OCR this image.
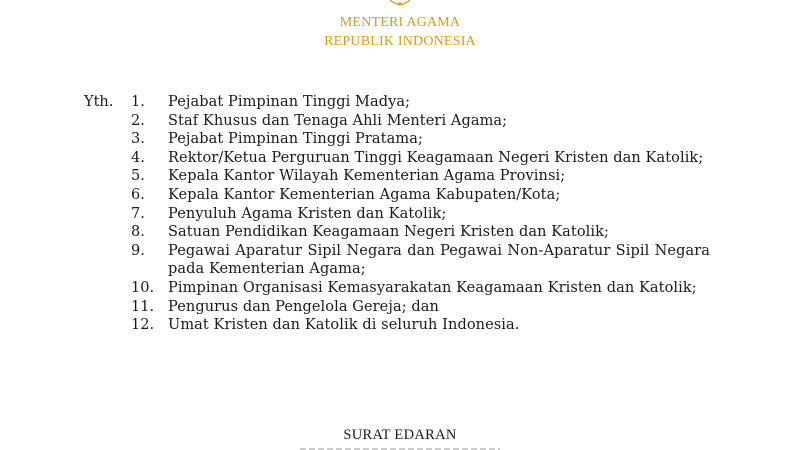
MENTERI AGAMA
REPUBLIK INDONESIA
Yth. 1. Pejabat Pimpinan Tinggi Madya;
2. Staf Khusus dan Tenaga Ahli Menteri Agama;
3. Pejabat Pimpinan Tinggi Pratama;
4. Rektor/Ketua Perguruan Tinggi Keagamaan Negeri Kristen dan Katolik;
5. Kepala Kantor Wilayah Kementerian Agama Provinsi;
6. Kepala Kantor Kementerian Agama Kabupaten/Kota;
7. Penyuluh Agama Kristen dan Katolik;
8. Satuan Pendidikan Keagamaan Negeri Kristen dan Katolik;
9. Pegawai Aparatur Sipil Negara dan Pegawai Non-Aparatur Sipil Negara pada Kementerian Agama;
10. Pimpinan Organisasi Kemasyarakatan Keagamaan Kristen dan Katolik;
11. Pengurus dan Pengelola Gereja; dan
12. Umat Kristen dan Katolik di seluruh Indonesia.
SURAT EDARAN
